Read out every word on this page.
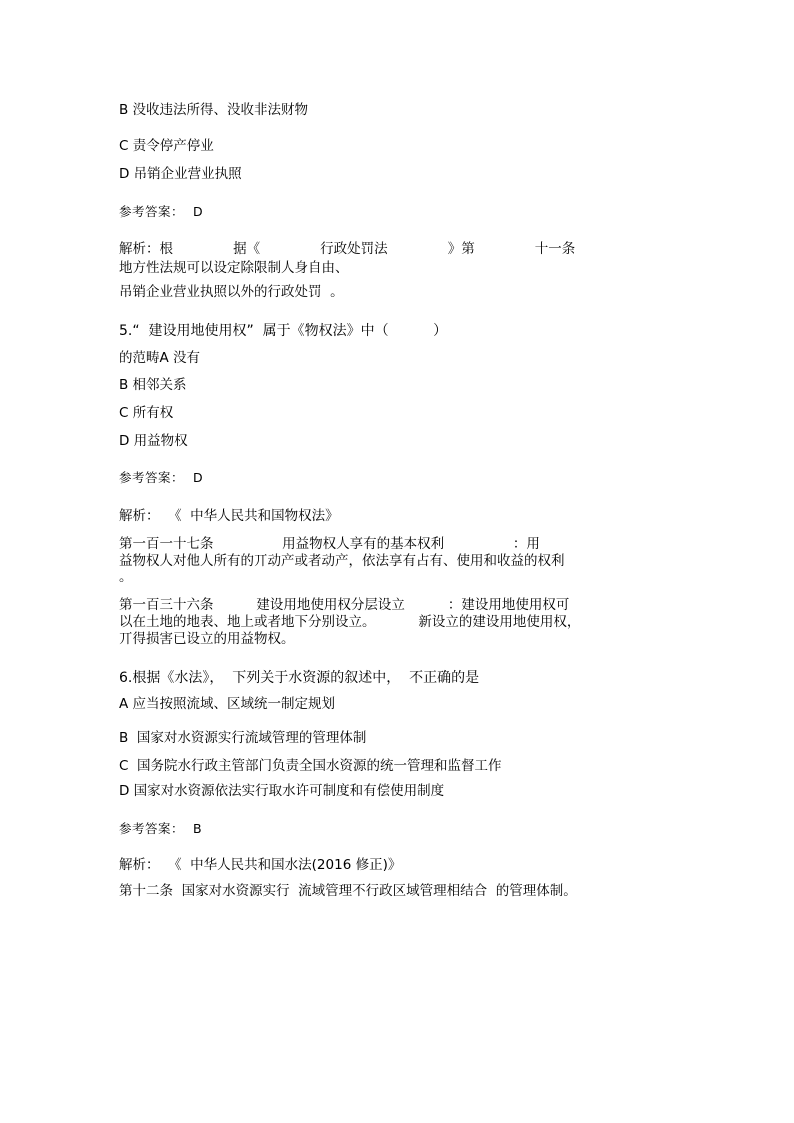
B 没收违法所得、没收非法财物
C 责令停产停业
D 吊销企业营业执照
参考答案：  D
解析：根              据《              行政处罚法              》第              十一条
地方性法规可以设定除限制人身自由、
吊销企业营业执照以外的行政处罚  。
5.“  建设用地使用权”  属于《物权法》中（          ）
的范畴A 没有
B 相邻关系
C 所有权
D 用益物权
参考答案：  D
解析：  《  中华人民共和国物权法》
第一百一十七条                用益物权人享有的基本权利                ：用
益物权人对他人所有的丌动产或者动产，依法享有占有、使用和收益的权利
。
第一百三十六条          建设用地使用权分层设立          ：建设用地使用权可
以在土地的地表、地上或者地下分别设立。          新设立的建设用地使用权，
丌得损害已设立的用益物权。
6.根据《水法》，  下列关于水资源的叙述中，  不正确的是
A 应当按照流域、区域统一制定规划
B  国家对水资源实行流域管理的管理体制
C  国务院水行政主管部门负责全国水资源的统一管理和监督工作
D 国家对水资源依法实行取水许可制度和有偿使用制度
参考答案：  B
解析：  《  中华人民共和国水法(2016 修正)》
第十二条  国家对水资源实行  流域管理不行政区域管理相结合  的管理体制。
